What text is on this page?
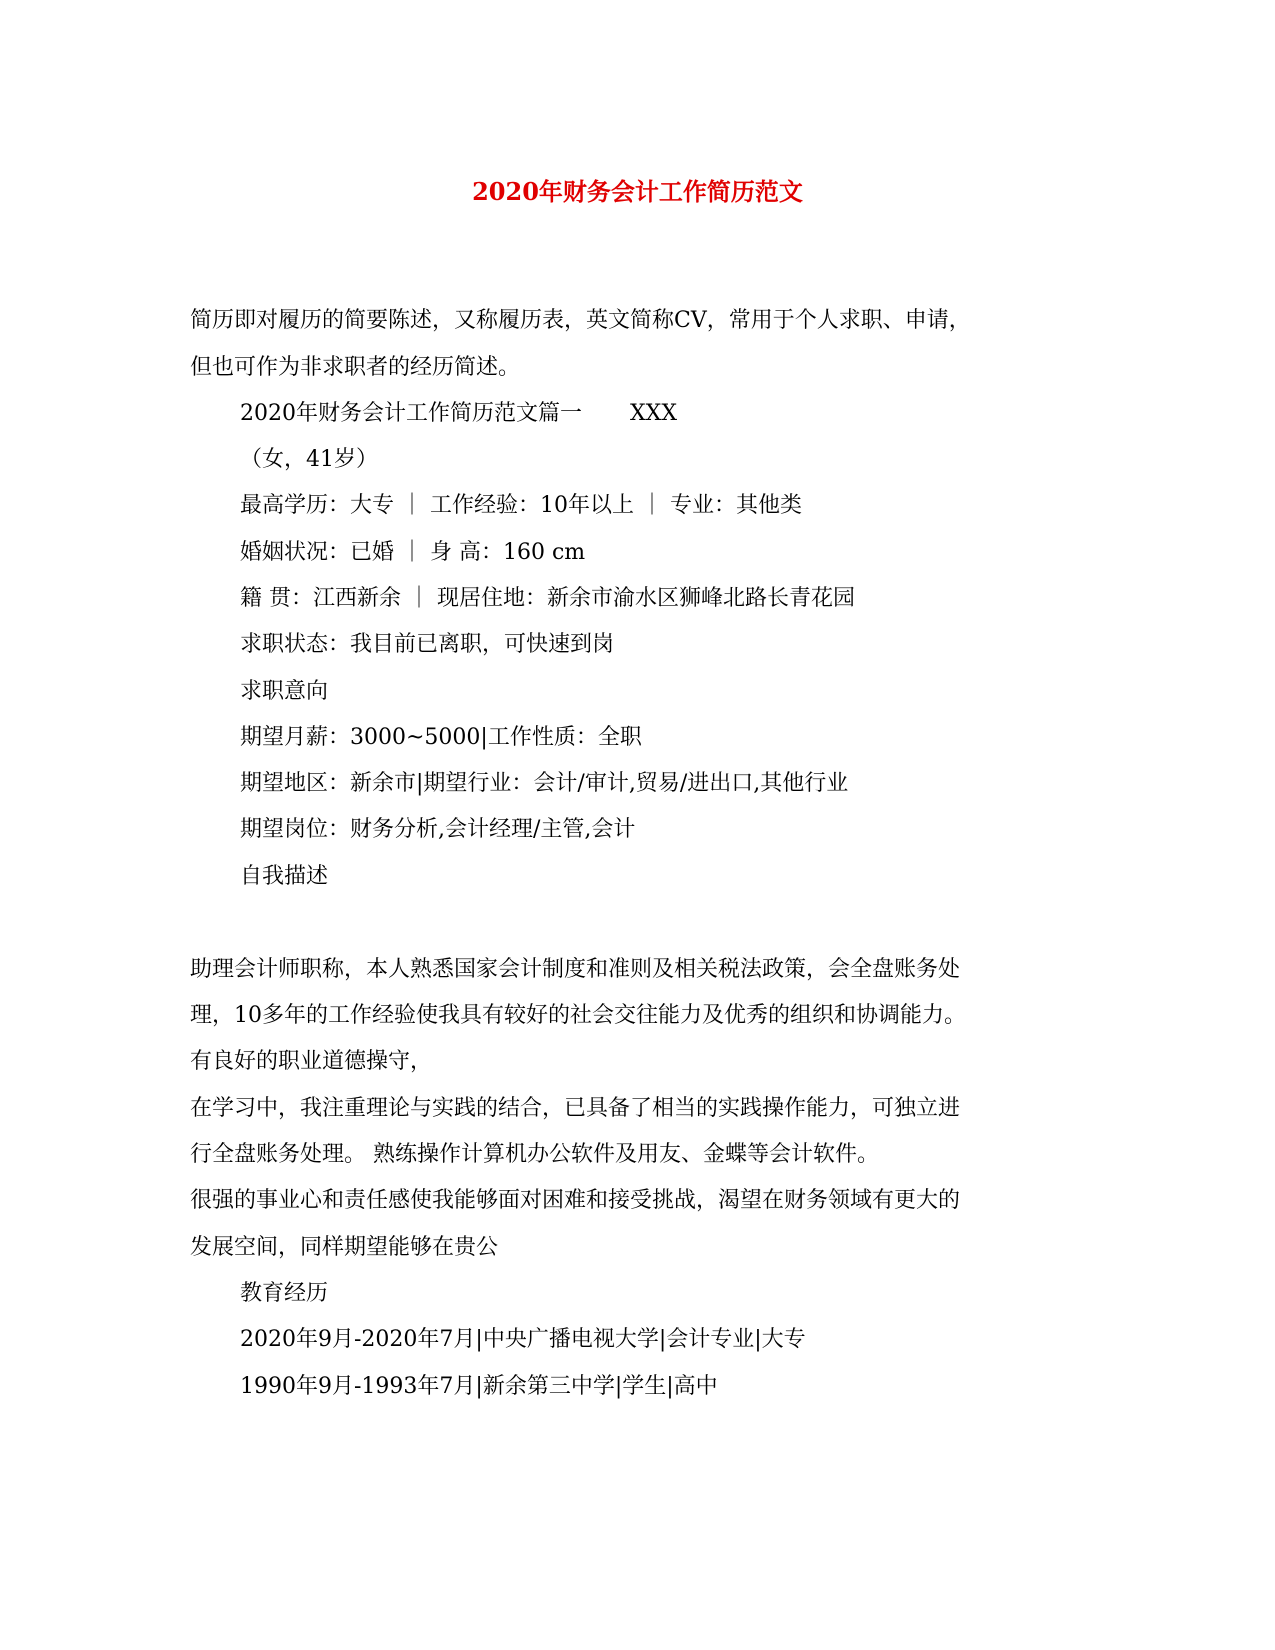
2020年财务会计工作简历范文
简历即对履历的简要陈述，又称履历表，英文简称CV，常用于个人求职、申请，
但也可作为非求职者的经历简述。
2020年财务会计工作简历范文篇一 XXX
（女，41岁）
最高学历：大专 ｜ 工作经验：10年以上 ｜ 专业：其他类
婚姻状况：已婚 ｜ 身 高：160 cm
籍 贯：江西新余 ｜ 现居住地：新余市渝水区狮峰北路长青花园
求职状态：我目前已离职，可快速到岗
求职意向
期望月薪：3000~5000|工作性质：全职
期望地区：新余市|期望行业：会计/审计,贸易/进出口,其他行业
期望岗位：财务分析,会计经理/主管,会计
自我描述
助理会计师职称，本人熟悉国家会计制度和准则及相关税法政策，会全盘账务处
理，10多年的工作经验使我具有较好的社会交往能力及优秀的组织和协调能力。
有良好的职业道德操守，
在学习中，我注重理论与实践的结合，已具备了相当的实践操作能力，可独立进
行全盘账务处理。 熟练操作计算机办公软件及用友、金蝶等会计软件。
很强的事业心和责任感使我能够面对困难和接受挑战，渴望在财务领域有更大的
发展空间，同样期望能够在贵公
教育经历
2020年9月-2020年7月|中央广播电视大学|会计专业|大专
1990年9月-1993年7月|新余第三中学|学生|高中
